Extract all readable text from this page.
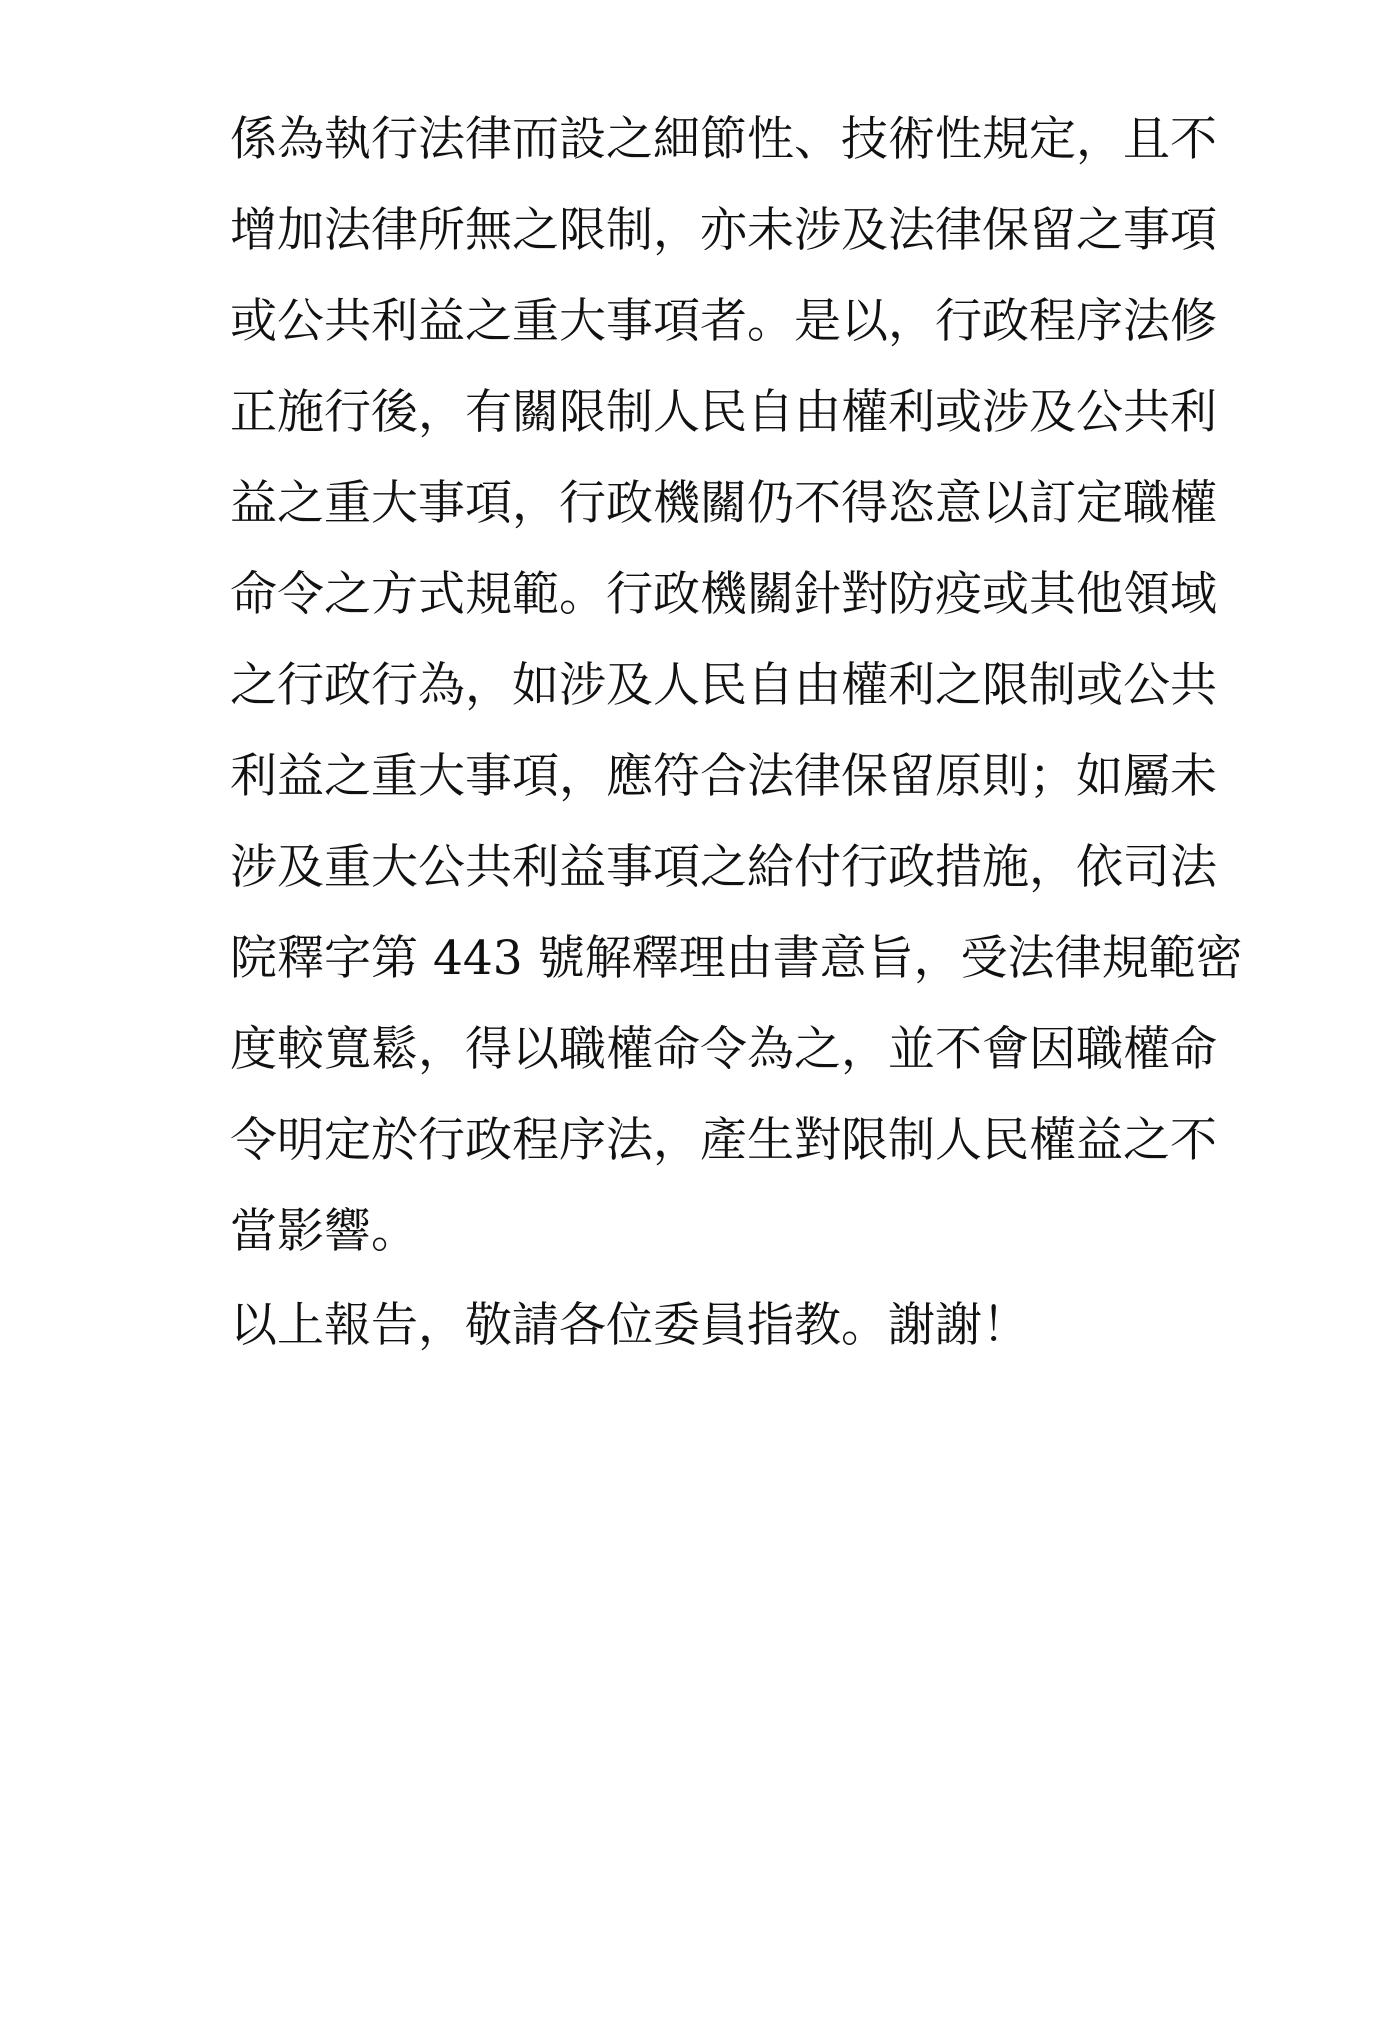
係為執行法律而設之細節性、技術性規定，且不
增加法律所無之限制，亦未涉及法律保留之事項
或公共利益之重大事項者。是以，行政程序法修
正施行後，有關限制人民自由權利或涉及公共利
益之重大事項，行政機關仍不得恣意以訂定職權
命令之方式規範。行政機關針對防疫或其他領域
之行政行為，如涉及人民自由權利之限制或公共
利益之重大事項，應符合法律保留原則；如屬未
涉及重大公共利益事項之給付行政措施，依司法
院釋字第 443 號解釋理由書意旨，受法律規範密
度較寬鬆，得以職權命令為之，並不會因職權命
令明定於行政程序法，產生對限制人民權益之不
當影響。
以上報告，敬請各位委員指教。謝謝！
